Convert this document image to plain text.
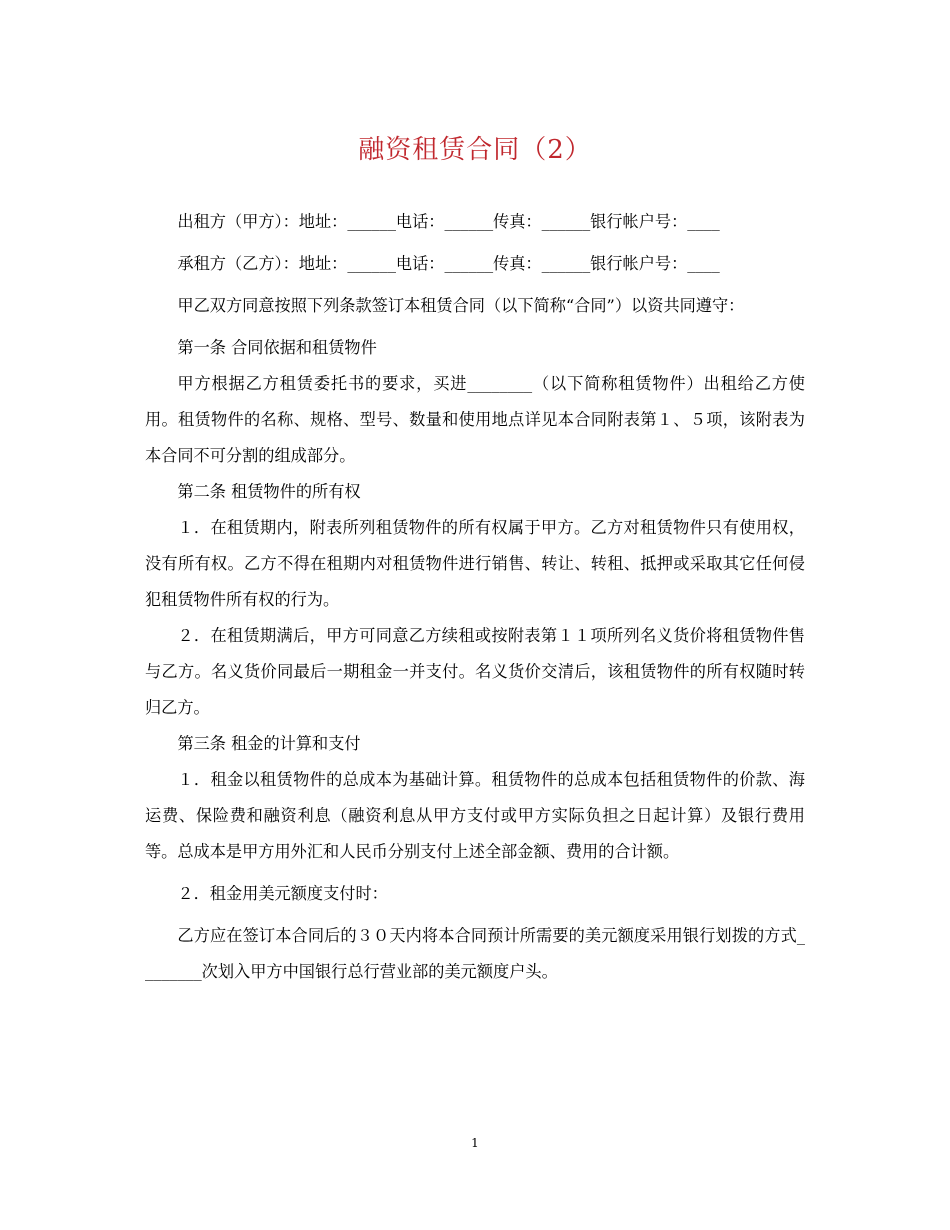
融资租赁合同（2）

出租方（甲方）：地址：______电话：______传真：______银行帐户号：____

承租方（乙方）：地址：______电话：______传真：______银行帐户号：____

甲乙双方同意按照下列条款签订本租赁合同（以下简称“合同”）以资共同遵守：

第一条 合同依据和租赁物件

甲方根据乙方租赁委托书的要求，买进________（以下简称租赁物件）出租给乙方使用。租赁物件的名称、规格、型号、数量和使用地点详见本合同附表第１、５项，该附表为本合同不可分割的组成部分。

第二条 租赁物件的所有权

１．在租赁期内，附表所列租赁物件的所有权属于甲方。乙方对租赁物件只有使用权，没有所有权。乙方不得在租期内对租赁物件进行销售、转让、转租、抵押或采取其它任何侵犯租赁物件所有权的行为。

２．在租赁期满后，甲方可同意乙方续租或按附表第１１项所列名义货价将租赁物件售与乙方。名义货价同最后一期租金一并支付。名义货价交清后，该租赁物件的所有权随时转归乙方。

第三条 租金的计算和支付

１．租金以租赁物件的总成本为基础计算。租赁物件的总成本包括租赁物件的价款、海运费、保险费和融资利息（融资利息从甲方支付或甲方实际负担之日起计算）及银行费用等。总成本是甲方用外汇和人民币分别支付上述全部金额、费用的合计额。

２．租金用美元额度支付时：

乙方应在签订本合同后的３０天内将本合同预计所需要的美元额度采用银行划拨的方式________次划入甲方中国银行总行营业部的美元额度户头。

1
